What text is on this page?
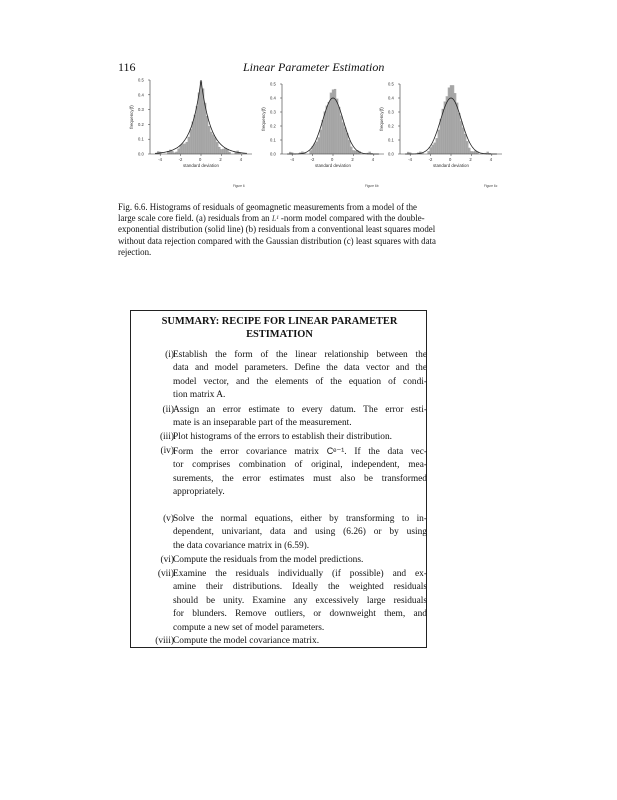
116	Linear Parameter Estimation
0.0
0.1
0.2
0.3
0.4
0.5
-4	-2	0	2	4
standard deviation
frequency(f)
Figure 6
0.0
0.1
0.2
0.3
0.4
0.5
-4	-2	0	2	4
standard deviation
frequency(f)
Figure 6b
0.0
0.1
0.2
0.3
0.4
0.5
-4	-2	0	2	4
standard deviation
frequency(f)
Figure 6c
Fig. 6.6. Histograms of residuals of geomagnetic measurements from a model of the
large scale core field. (a) residuals from an L¹ -norm model compared with the double-
exponential distribution (solid line) (b) residuals from a conventional least squares model
without data rejection compared with the Gaussian distribution (c) least squares with data
rejection.
SUMMARY: RECIPE FOR LINEAR PARAMETER
ESTIMATION
(i) Establish the form of the linear relationship between the
data and model parameters. Define the data vector and the
model vector, and the elements of the equation of condi-
tion matrix A.
(ii) Assign an error estimate to every datum. The error esti-
mate is an inseparable part of the measurement.
(iii) Plot histograms of the errors to establish their distribution.
(iv) Form the error covariance matrix Cᵉ⁻¹. If the data vec-
tor comprises combination of original, independent, mea-
surements, the error estimates must also be transformed
appropriately.
(v) Solve the normal equations, either by transforming to in-
dependent, univariant, data and using (6.26) or by using
the data covariance matrix in (6.59).
(vi) Compute the residuals from the model predictions.
(vii) Examine the residuals individually (if possible) and ex-
amine their distributions. Ideally the weighted residuals
should be unity. Examine any excessively large residuals
for blunders. Remove outliers, or downweight them, and
compute a new set of model parameters.
(viii) Compute the model covariance matrix.
